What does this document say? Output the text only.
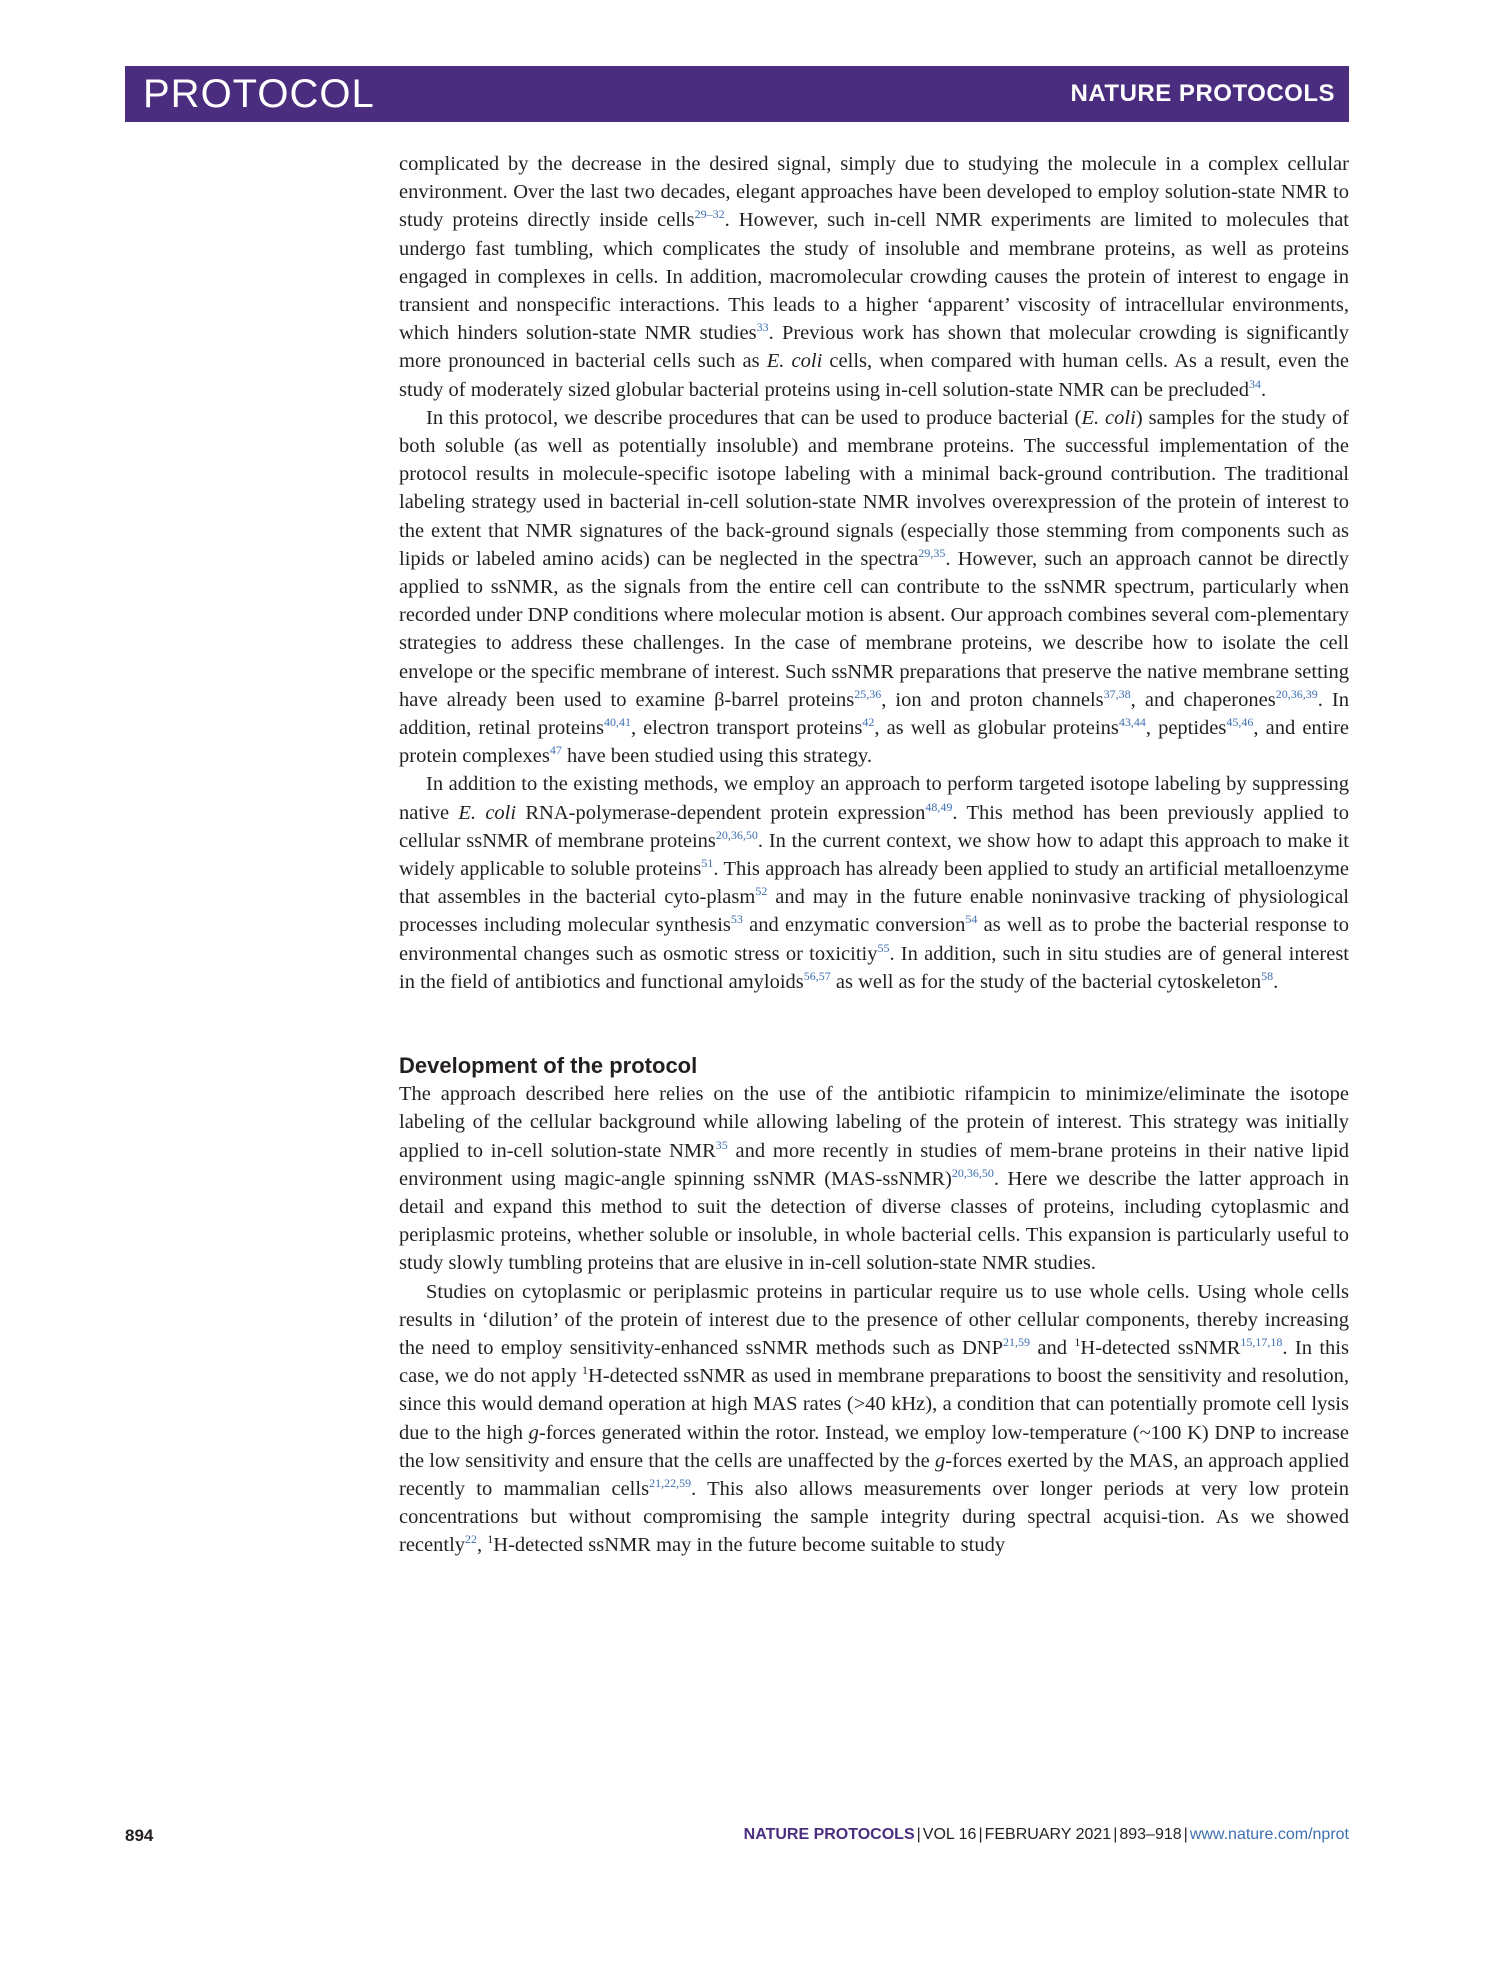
PROTOCOL	NATURE PROTOCOLS

complicated by the decrease in the desired signal, simply due to studying the molecule in a complex cellular environment. Over the last two decades, elegant approaches have been developed to employ solution-state NMR to study proteins directly inside cells$^{29-32}$. However, such in-cell NMR experiments are limited to molecules that undergo fast tumbling, which complicates the study of insoluble and membrane proteins, as well as proteins engaged in complexes in cells. In addition, macromolecular crowding causes the protein of interest to engage in transient and nonspecific interactions. This leads to a higher ‘apparent’ viscosity of intracellular environments, which hinders solution-state NMR studies$^{33}$. Previous work has shown that molecular crowding is significantly more pronounced in bacterial cells such as E. coli cells, when compared with human cells. As a result, even the study of moderately sized globular bacterial proteins using in-cell solution-state NMR can be precluded$^{34}$.

In this protocol, we describe procedures that can be used to produce bacterial (E. coli) samples for the study of both soluble (as well as potentially insoluble) and membrane proteins. The successful implementation of the protocol results in molecule-specific isotope labeling with a minimal back-ground contribution. The traditional labeling strategy used in bacterial in-cell solution-state NMR involves overexpression of the protein of interest to the extent that NMR signatures of the back-ground signals (especially those stemming from components such as lipids or labeled amino acids) can be neglected in the spectra$^{29,35}$. However, such an approach cannot be directly applied to ssNMR, as the signals from the entire cell can contribute to the ssNMR spectrum, particularly when recorded under DNP conditions where molecular motion is absent. Our approach combines several com-plementary strategies to address these challenges. In the case of membrane proteins, we describe how to isolate the cell envelope or the specific membrane of interest. Such ssNMR preparations that preserve the native membrane setting have already been used to examine β-barrel proteins$^{25,36}$, ion and proton channels$^{37,38}$, and chaperones$^{20,36,39}$. In addition, retinal proteins$^{40,41}$, electron transport proteins$^{42}$, as well as globular proteins$^{43,44}$, peptides$^{45,46}$, and entire protein complexes$^{47}$ have been studied using this strategy.

In addition to the existing methods, we employ an approach to perform targeted isotope labeling by suppressing native E. coli RNA-polymerase-dependent protein expression$^{48,49}$. This method has been previously applied to cellular ssNMR of membrane proteins$^{20,36,50}$. In the current context, we show how to adapt this approach to make it widely applicable to soluble proteins$^{51}$. This approach has already been applied to study an artificial metalloenzyme that assembles in the bacterial cyto-plasm$^{52}$ and may in the future enable noninvasive tracking of physiological processes including molecular synthesis$^{53}$ and enzymatic conversion$^{54}$ as well as to probe the bacterial response to environmental changes such as osmotic stress or toxicitiy$^{55}$. In addition, such in situ studies are of general interest in the field of antibiotics and functional amyloids$^{56,57}$ as well as for the study of the bacterial cytoskeleton$^{58}$.

Development of the protocol

The approach described here relies on the use of the antibiotic rifampicin to minimize/eliminate the isotope labeling of the cellular background while allowing labeling of the protein of interest. This strategy was initially applied to in-cell solution-state NMR$^{35}$ and more recently in studies of mem-brane proteins in their native lipid environment using magic-angle spinning ssNMR (MAS-ssNMR)$^{20,36,50}$. Here we describe the latter approach in detail and expand this method to suit the detection of diverse classes of proteins, including cytoplasmic and periplasmic proteins, whether soluble or insoluble, in whole bacterial cells. This expansion is particularly useful to study slowly tumbling proteins that are elusive in in-cell solution-state NMR studies.

Studies on cytoplasmic or periplasmic proteins in particular require us to use whole cells. Using whole cells results in ‘dilution’ of the protein of interest due to the presence of other cellular components, thereby increasing the need to employ sensitivity-enhanced ssNMR methods such as DNP$^{21,59}$ and $^1$H-detected ssNMR$^{15,17,18}$. In this case, we do not apply $^1$H-detected ssNMR as used in membrane preparations to boost the sensitivity and resolution, since this would demand operation at high MAS rates (>40 kHz), a condition that can potentially promote cell lysis due to the high g-forces generated within the rotor. Instead, we employ low-temperature (~100 K) DNP to increase the low sensitivity and ensure that the cells are unaffected by the g-forces exerted by the MAS, an approach applied recently to mammalian cells$^{21,22,59}$. This also allows measurements over longer periods at very low protein concentrations but without compromising the sample integrity during spectral acquisi-tion. As we showed recently$^{22}$, $^1$H-detected ssNMR may in the future become suitable to study

894	NATURE PROTOCOLS | VOL 16 | FEBRUARY 2021 | 893–918 | www.nature.com/nprot
